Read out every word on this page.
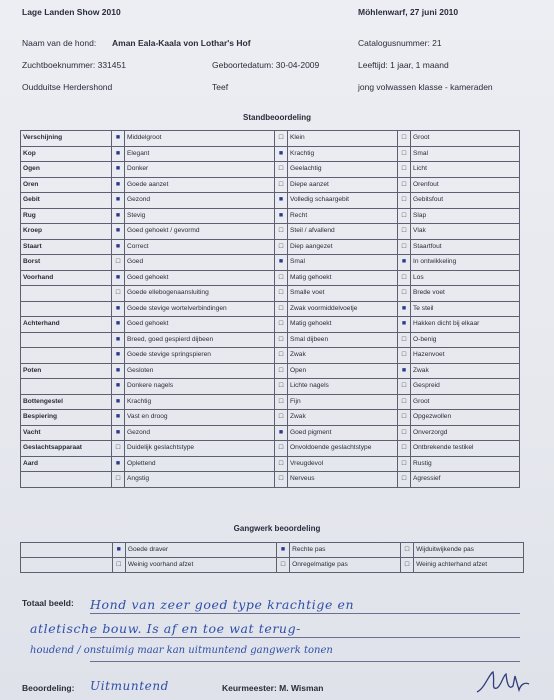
Lage Landen Show 2010	Möhlenwarf, 27 juni 2010
Naam van de hond: Aman Eala-Kaala von Lothar's Hof	Catalogusnummer: 21
Zuchtboeknummer: 331451	Geboortedatum: 30-04-2009	Leeftijd: 1 jaar, 1 maand
Oudduitse Herdershond	Teef	jong volwassen klasse - kameraden
Standbeoordeling
Verschijning	■	Middelgroot	□	Klein	□	Groot
Kop	■	Elegant	■	Krachtig	□	Smal
Ogen	■	Donker	□	Geelachtig	□	Licht
Oren	■	Goede aanzet	□	Diepe aanzet	□	Orenfout
Gebit	■	Gezond	■	Volledig schaargebit	□	Gebitsfout
Rug	■	Stevig	■	Recht	□	Slap
Kroep	■	Goed gehoekt / gevormd	□	Steil / afvallend	□	Vlak
Staart	■	Correct	□	Diep aangezet	□	Staartfout
Borst	□	Goed	■	Smal	■	In ontwikkeling
Voorhand	■	Goed gehoekt	□	Matig gehoekt	□	Los
	□	Goede ellebogenaansluiting	□	Smalle voet	□	Brede voet
	■	Goede stevige wortelverbindingen	□	Zwak voormiddelvoetje	■	Te steil
Achterhand	■	Goed gehoekt	□	Matig gehoekt	■	Hakken dicht bij elkaar
	■	Breed, goed gespierd dijbeen	□	Smal dijbeen	□	O-benig
	■	Goede stevige springspieren	□	Zwak	□	Hazenvoet
Poten	■	Gesloten	□	Open	■	Zwak
	■	Donkere nagels	□	Lichte nagels	□	Gespreid
Bottengestel	■	Krachtig	□	Fijn	□	Groot
Bespiering	■	Vast en droog	□	Zwak	□	Opgezwollen
Vacht	■	Gezond	■	Goed pigment	□	Onverzorgd
Geslachtsapparaat	□	Duidelijk geslachtstype	□	Onvoldoende geslachtstype	□	Ontbrekende testikel
Aard	■	Oplettend	□	Vreugdevol	□	Rustig
	□	Angstig	□	Nerveus	□	Agressief
Gangwerk beoordeling
	■	Goede draver	■	Rechte pas	□	Wijduitwijkende pas
	□	Weinig voorhand afzet	□	Onregelmatige pas	□	Weinig achterhand afzet
Totaal beeld: Hond van zeer goed type krachtige en
atletische bouw. Is af en toe wat terug-
houdend / onstuimig maar kan uitmuntend gangwerk tonen
Beoordeling: Uitmuntend	Keurmeester: M. Wisman
